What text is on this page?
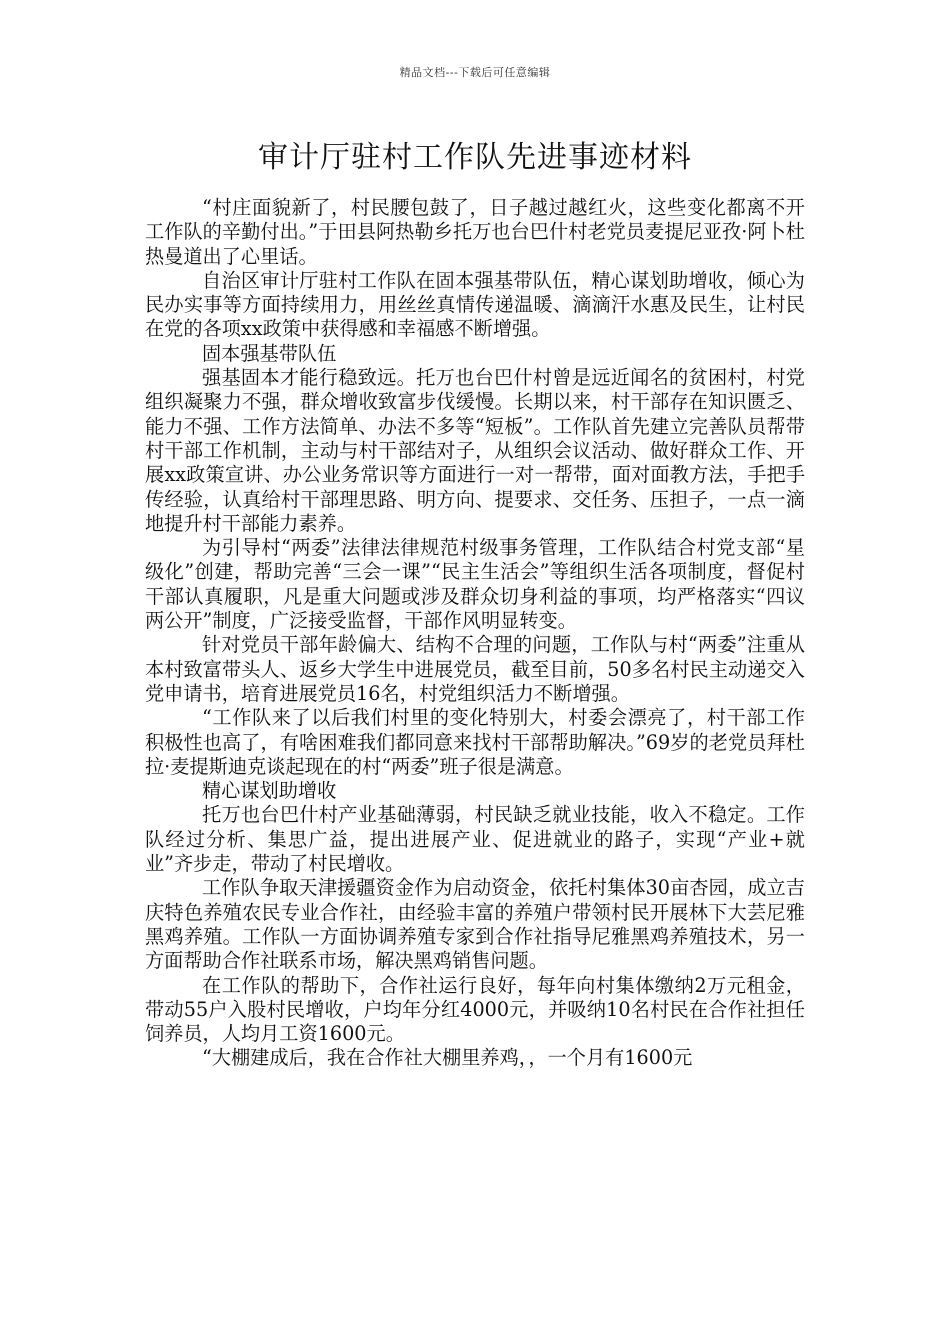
精品文档---下载后可任意编辑
审计厅驻村工作队先进事迹材料

“村庄面貌新了，村民腰包鼓了，日子越过越红火，这些变化都离不开工作队的辛勤付出。”于田县阿热勒乡托万也台巴什村老党员麦提尼亚孜·阿卜杜热曼道出了心里话。

自治区审计厅驻村工作队在固本强基带队伍，精心谋划助增收，倾心为民办实事等方面持续用力，用丝丝真情传递温暖、滴滴汗水惠及民生，让村民在党的各项xx政策中获得感和幸福感不断增强。

固本强基带队伍

强基固本才能行稳致远。托万也台巴什村曾是远近闻名的贫困村，村党组织凝聚力不强，群众增收致富步伐缓慢。长期以来，村干部存在知识匮乏、能力不强、工作方法简单、办法不多等“短板”。工作队首先建立完善队员帮带村干部工作机制，主动与村干部结对子，从组织会议活动、做好群众工作、开展xx政策宣讲、办公业务常识等方面进行一对一帮带，面对面教方法，手把手传经验，认真给村干部理思路、明方向、提要求、交任务、压担子，一点一滴地提升村干部能力素养。

为引导村“两委”法律法律规范村级事务管理，工作队结合村党支部“星级化”创建，帮助完善“三会一课”“民主生活会”等组织生活各项制度，督促村干部认真履职，凡是重大问题或涉及群众切身利益的事项，均严格落实“四议两公开”制度，广泛接受监督，干部作风明显转变。

针对党员干部年龄偏大、结构不合理的问题，工作队与村“两委”注重从本村致富带头人、返乡大学生中进展党员，截至目前，50多名村民主动递交入党申请书，培育进展党员16名，村党组织活力不断增强。

“工作队来了以后我们村里的变化特别大，村委会漂亮了，村干部工作积极性也高了，有啥困难我们都同意来找村干部帮助解决。”69岁的老党员拜杜拉·麦提斯迪克谈起现在的村“两委”班子很是满意。

精心谋划助增收

托万也台巴什村产业基础薄弱，村民缺乏就业技能，收入不稳定。工作队经过分析、集思广益，提出进展产业、促进就业的路子，实现“产业+就业”齐步走，带动了村民增收。

工作队争取天津援疆资金作为启动资金，依托村集体30亩杏园，成立吉庆特色养殖农民专业合作社，由经验丰富的养殖户带领村民开展林下大芸尼雅黑鸡养殖。工作队一方面协调养殖专家到合作社指导尼雅黑鸡养殖技术，另一方面帮助合作社联系市场，解决黑鸡销售问题。

在工作队的帮助下，合作社运行良好，每年向村集体缴纳2万元租金，带动55户入股村民增收，户均年分红4000元，并吸纳10名村民在合作社担任饲养员，人均月工资1600元。

“大棚建成后，我在合作社大棚里养鸡，，一个月有1600元
